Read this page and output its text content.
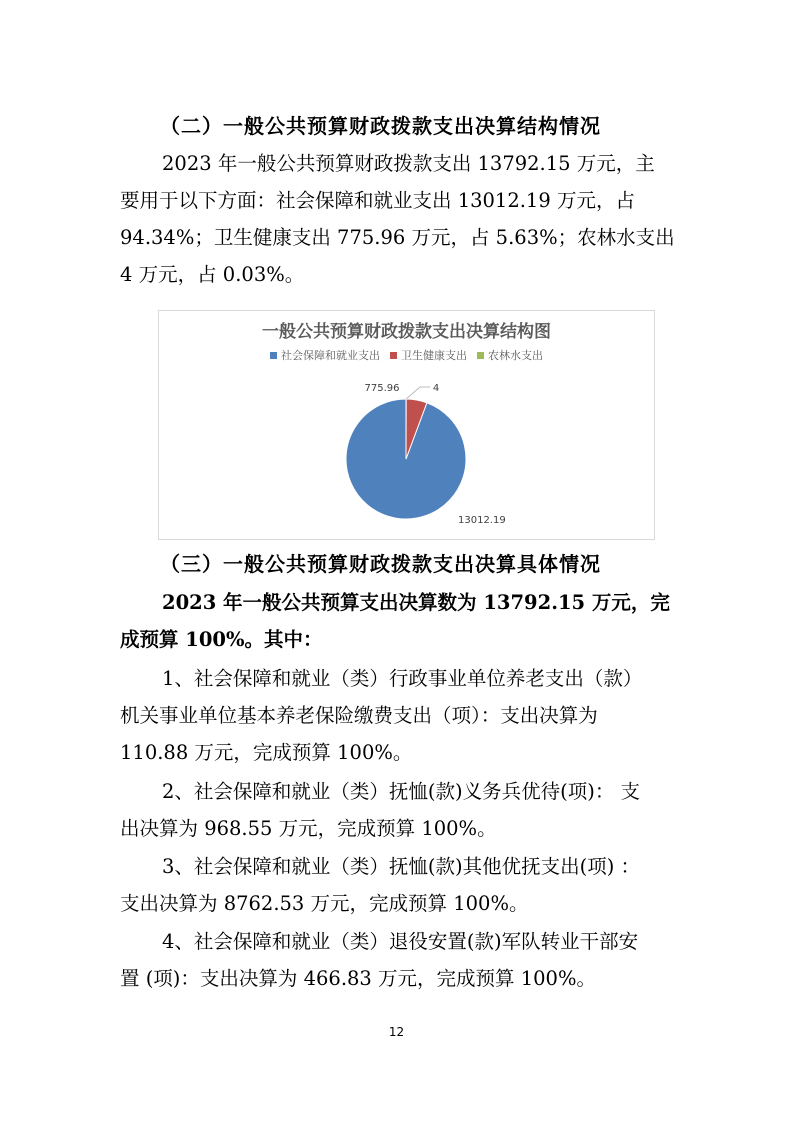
（二）一般公共预算财政拨款支出决算结构情况
2023 年一般公共预算财政拨款支出 13792.15 万元，主
要用于以下方面：社会保障和就业支出 13012.19 万元，占
94.34%；卫生健康支出 775.96 万元，占 5.63%；农林水支出
4 万元，占 0.03%。
一般公共预算财政拨款支出决算结构图
社会保障和就业支出 卫生健康支出 农林水支出
13012.19
775.96	4
（三）一般公共预算财政拨款支出决算具体情况
2023 年一般公共预算支出决算数为 13792.15 万元，完
成预算 100%。其中：
1、社会保障和就业（类）行政事业单位养老支出（款）
机关事业单位基本养老保险缴费支出（项）：支出决算为
110.88 万元，完成预算 100%。
2、社会保障和就业（类）抚恤(款)义务兵优待(项)： 支
出决算为 968.55 万元，完成预算 100%。
3、社会保障和就业（类）抚恤(款)其他优抚支出(项) ：
支出决算为 8762.53 万元，完成预算 100%。
4、社会保障和就业（类）退役安置(款)军队转业干部安
置 (项)：支出决算为 466.83 万元，完成预算 100%。
12
